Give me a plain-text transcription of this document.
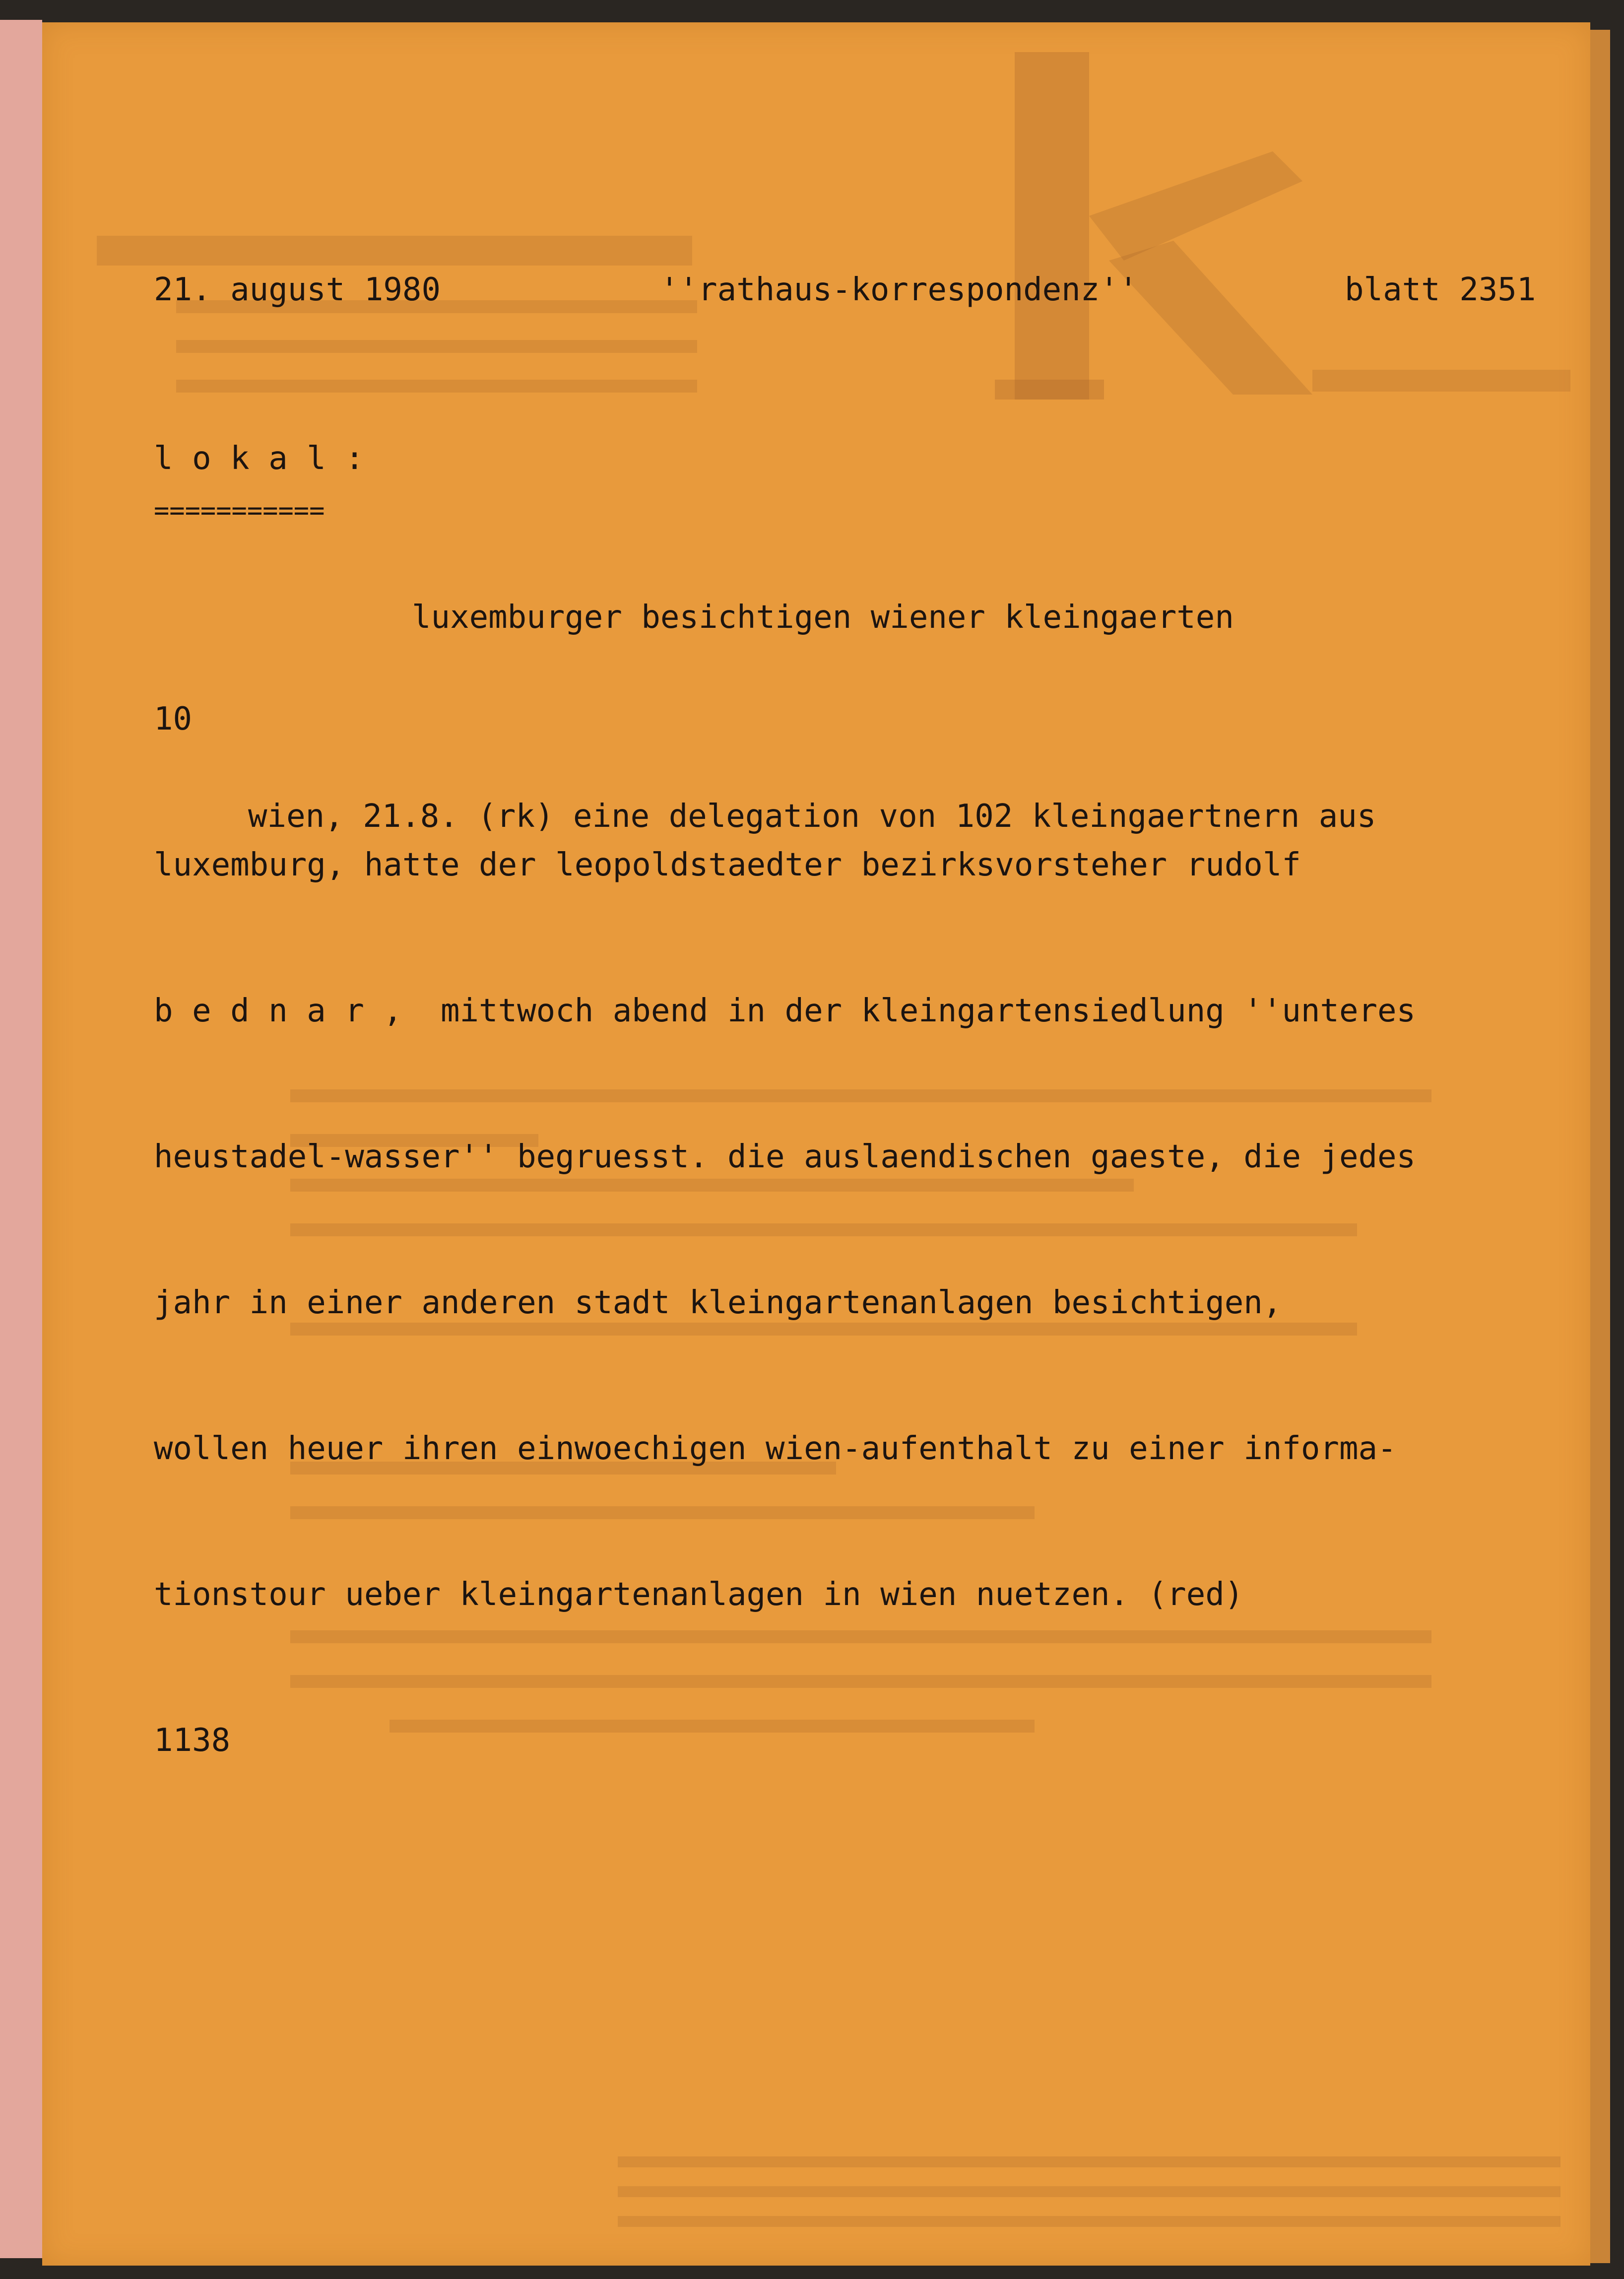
21. august 1980	''rathaus-korrespondenz''	blatt 2351
l o k a l :
===========
luxemburger besichtigen wiener kleingaerten
10

wien, 21.8. (rk) eine delegation von 102 kleingaertnern aus

luxemburg, hatte der leopoldstaedter bezirksvorsteher rudolf

b e d n a r ,  mittwoch abend in der kleingartensiedlung ''unteres

heustadel-wasser'' begruesst. die auslaendischen gaeste, die jedes

jahr in einer anderen stadt kleingartenanlagen besichtigen,

wollen heuer ihren einwoechigen wien-aufenthalt zu einer informa-

tionstour ueber kleingartenanlagen in wien nuetzen. (red)

1138
